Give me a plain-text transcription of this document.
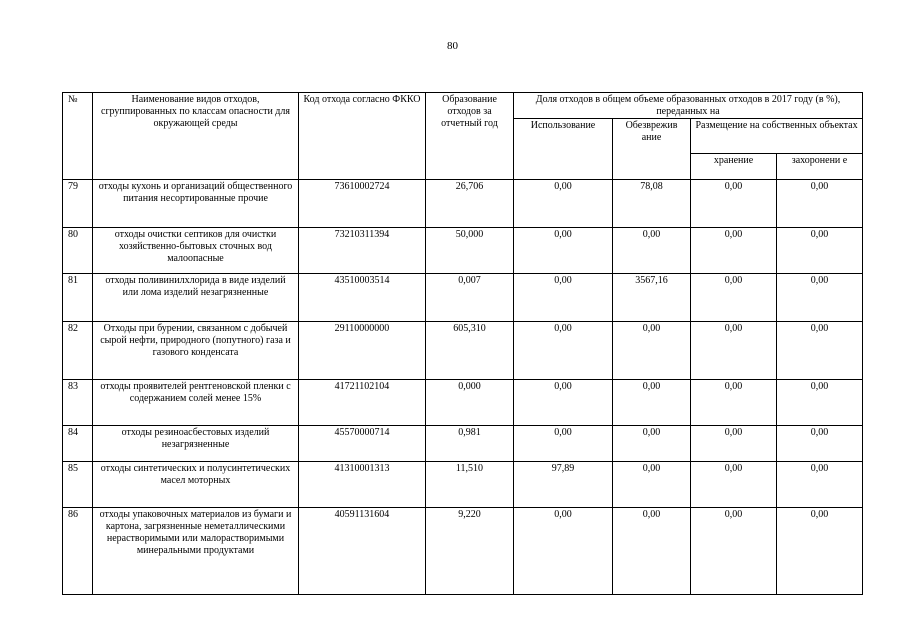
80
№	Наименование видов отходов, сгруппированных по классам опасности для окружающей среды	Код отхода согласно ФККО	Образование отходов за отчетный год	Доля отходов в общем объеме образованных отходов в 2017 году (в %), переданных на			
				Использование	Обезврежив ание	Размещение на собственных объектах	
						хранение	захоронени е
79	отходы кухонь и организаций общественного питания несортированные прочие	73610002724	26,706	0,00	78,08	0,00	0,00
80	отходы очистки септиков для очистки хозяйственно-бытовых сточных вод малоопасные	73210311394	50,000	0,00	0,00	0,00	0,00
81	отходы поливинилхлорида в виде изделий или лома изделий незагрязненные	43510003514	0,007	0,00	3567,16	0,00	0,00
82	Отходы при бурении, связанном с добычей сырой нефти, природного (попутного) газа и газового конденсата	29110000000	605,310	0,00	0,00	0,00	0,00
83	отходы проявителей рентгеновской пленки с содержанием солей менее 15%	41721102104	0,000	0,00	0,00	0,00	0,00
84	отходы резиноасбестовых изделий незагрязненные	45570000714	0,981	0,00	0,00	0,00	0,00
85	отходы синтетических и полусинтетических масел моторных	41310001313	11,510	97,89	0,00	0,00	0,00
86	отходы упаковочных материалов из бумаги и картона, загрязненные неметаллическими нерастворимыми или малорастворимыми минеральными продуктами	40591131604	9,220	0,00	0,00	0,00	0,00
